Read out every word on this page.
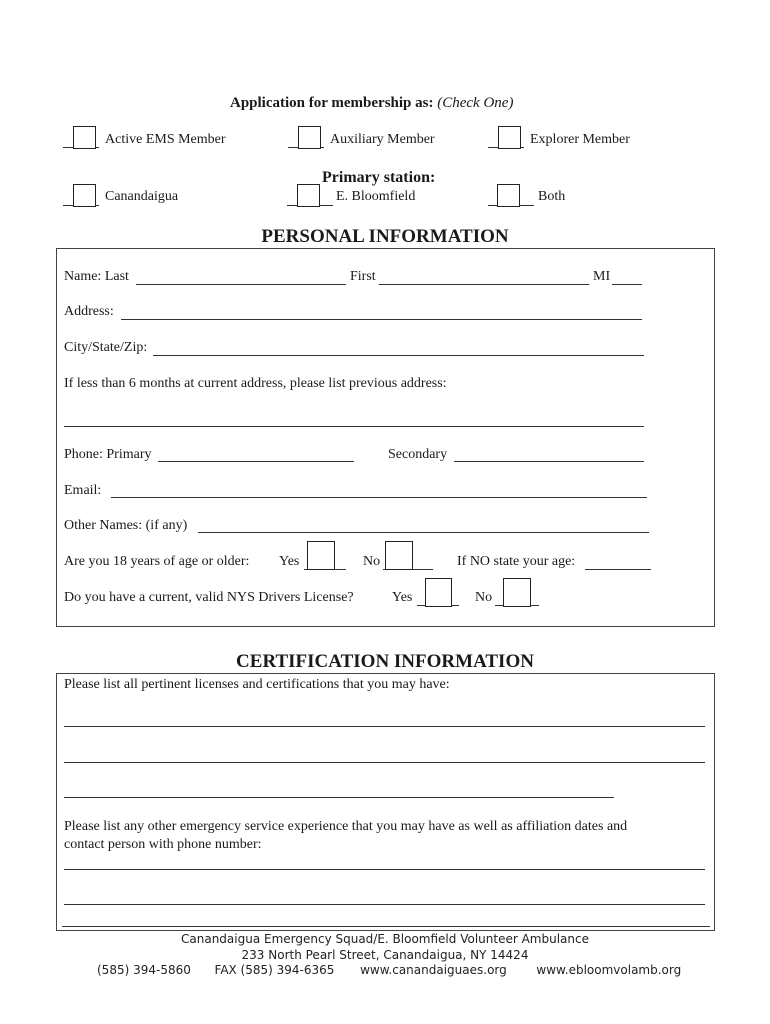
Application for membership as: (Check One)
Active EMS Member	Auxiliary Member	Explorer Member
Primary station:
Canandaigua	E. Bloomfield	Both
PERSONAL INFORMATION
Name: Last	First	MI
Address:
City/State/Zip:
If less than 6 months at current address, please list previous address:
Phone: Primary	Secondary
Email:
Other Names: (if any)
Are you 18 years of age or older: Yes	No	If NO state your age:
Do you have a current, valid NYS Drivers License?	Yes	No
CERTIFICATION INFORMATION
Please list all pertinent licenses and certifications that you may have:
Please list any other emergency service experience that you may have as well as affiliation dates and
contact person with phone number:
Canandaigua Emergency Squad/E. Bloomfield Volunteer Ambulance
233 North Pearl Street, Canandaigua, NY 14424
(585) 394-5860 FAX (585) 394-6365 www.canandaiguaes.org www.ebloomvolamb.org
